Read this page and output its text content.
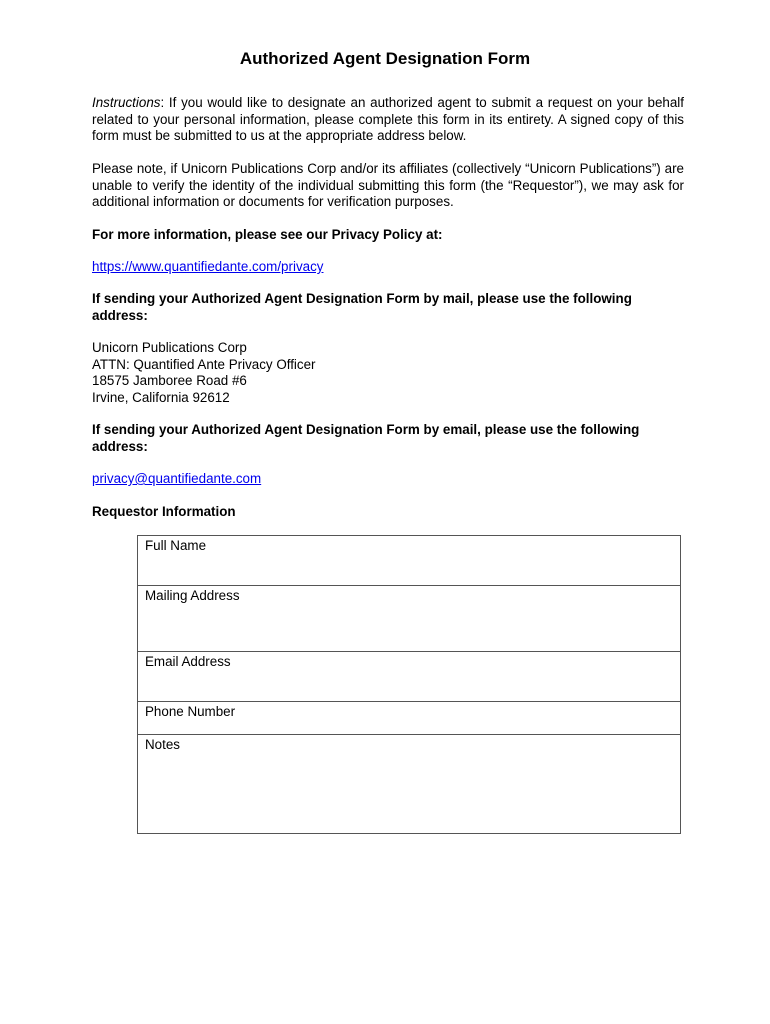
Authorized Agent Designation Form

Instructions: If you would like to designate an authorized agent to submit a request on your behalf related to your personal information, please complete this form in its entirety. A signed copy of this form must be submitted to us at the appropriate address below.

Please note, if Unicorn Publications Corp and/or its affiliates (collectively “Unicorn Publications”) are unable to verify the identity of the individual submitting this form (the “Requestor”), we may ask for additional information or documents for verification purposes.

For more information, please see our Privacy Policy at:

https://www.quantifiedante.com/privacy

If sending your Authorized Agent Designation Form by mail, please use the following address:

Unicorn Publications Corp
ATTN: Quantified Ante Privacy Officer
18575 Jamboree Road #6
Irvine, California 92612

If sending your Authorized Agent Designation Form by email, please use the following address:

privacy@quantifiedante.com

Requestor Information

Full Name
Mailing Address
Email Address
Phone Number
Notes
